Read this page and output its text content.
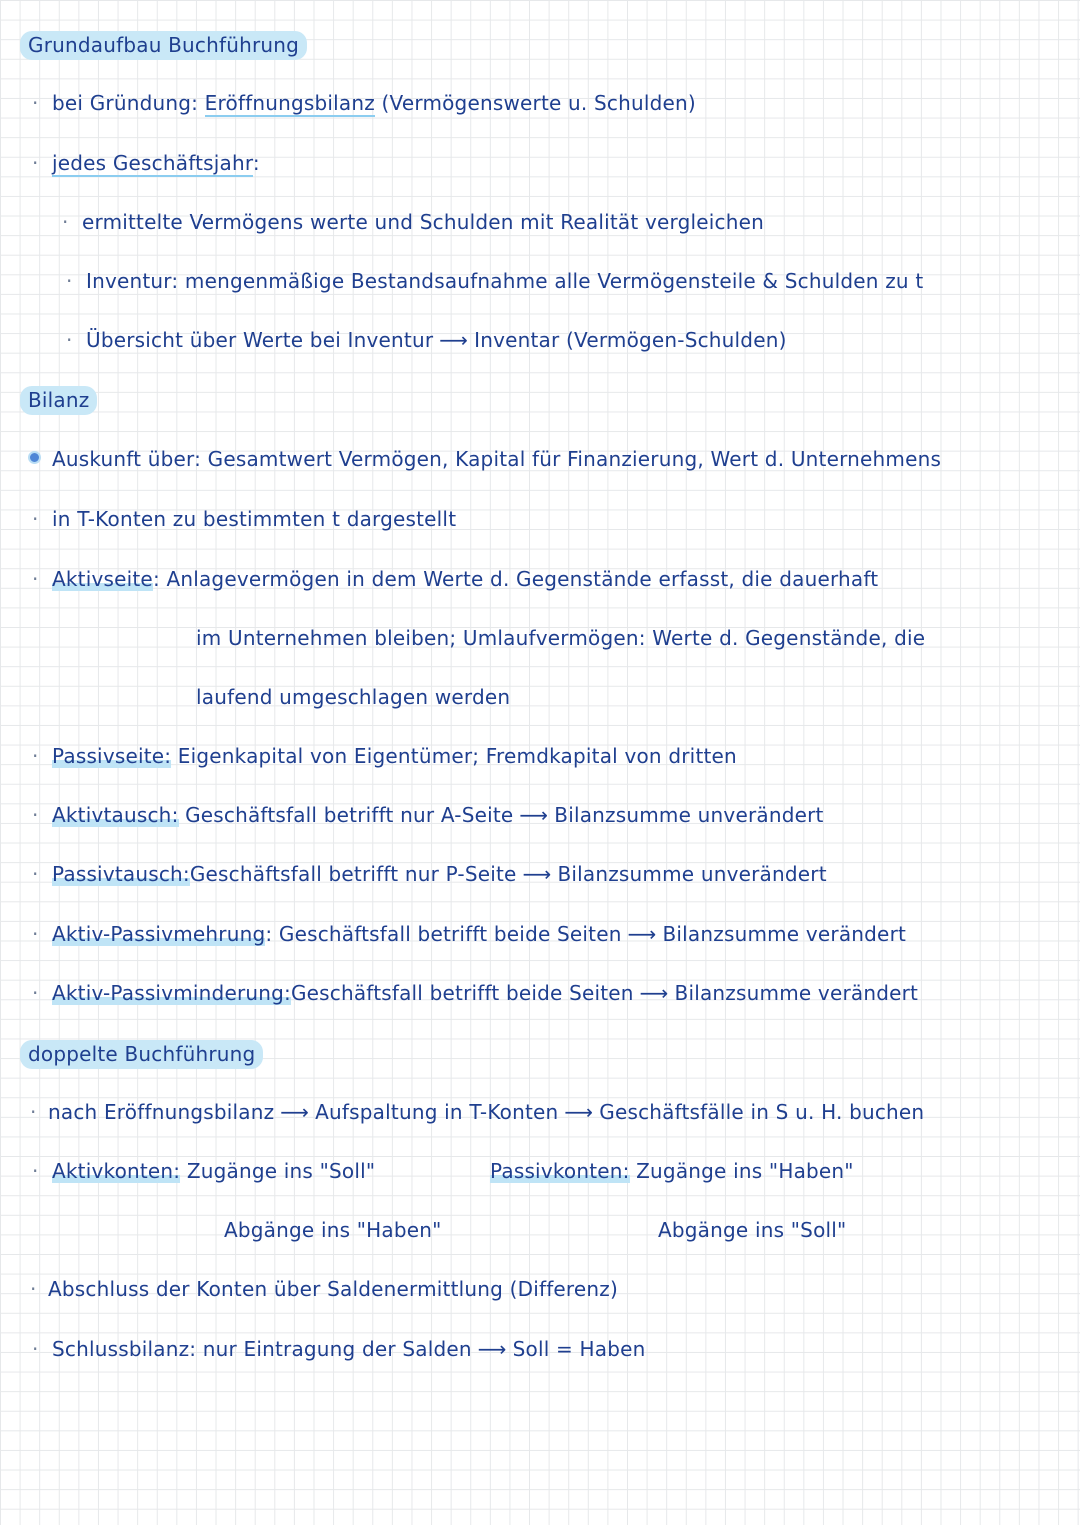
Grundaufbau Buchführung
· bei Gründung: Eröffnungsbilanz (Vermögenswerte u. Schulden)
· jedes Geschäftsjahr:
· ermittelte Vermögens werte und Schulden mit Realität vergleichen
· Inventur: mengenmäßige Bestandsaufnahme alle Vermögensteile & Schulden zu t
· Übersicht über Werte bei Inventur ⟶ Inventar (Vermögen-Schulden)
Bilanz
Auskunft über: Gesamtwert Vermögen, Kapital für Finanzierung, Wert d. Unternehmens
· in T-Konten zu bestimmten t dargestellt
· Aktivseite: Anlagevermögen in dem Werte d. Gegenstände erfasst, die dauerhaft
im Unternehmen bleiben; Umlaufvermögen: Werte d. Gegenstände, die
laufend umgeschlagen werden
· Passivseite: Eigenkapital von Eigentümer; Fremdkapital von dritten
· Aktivtausch: Geschäftsfall betrifft nur A-Seite ⟶ Bilanzsumme unverändert
· Passivtausch:Geschäftsfall betrifft nur P-Seite ⟶ Bilanzsumme unverändert
· Aktiv-Passivmehrung: Geschäftsfall betrifft beide Seiten ⟶ Bilanzsumme verändert
· Aktiv-Passivminderung:Geschäftsfall betrifft beide Seiten ⟶ Bilanzsumme verändert
doppelte Buchführung
· nach Eröffnungsbilanz ⟶ Aufspaltung in T-Konten ⟶ Geschäftsfälle in S u. H. buchen
· Aktivkonten: Zugänge ins "Soll"	Passivkonten: Zugänge ins "Haben"
Abgänge ins "Haben"	Abgänge ins "Soll"
· Abschluss der Konten über Saldenermittlung (Differenz)
· Schlussbilanz: nur Eintragung der Salden ⟶ Soll = Haben
